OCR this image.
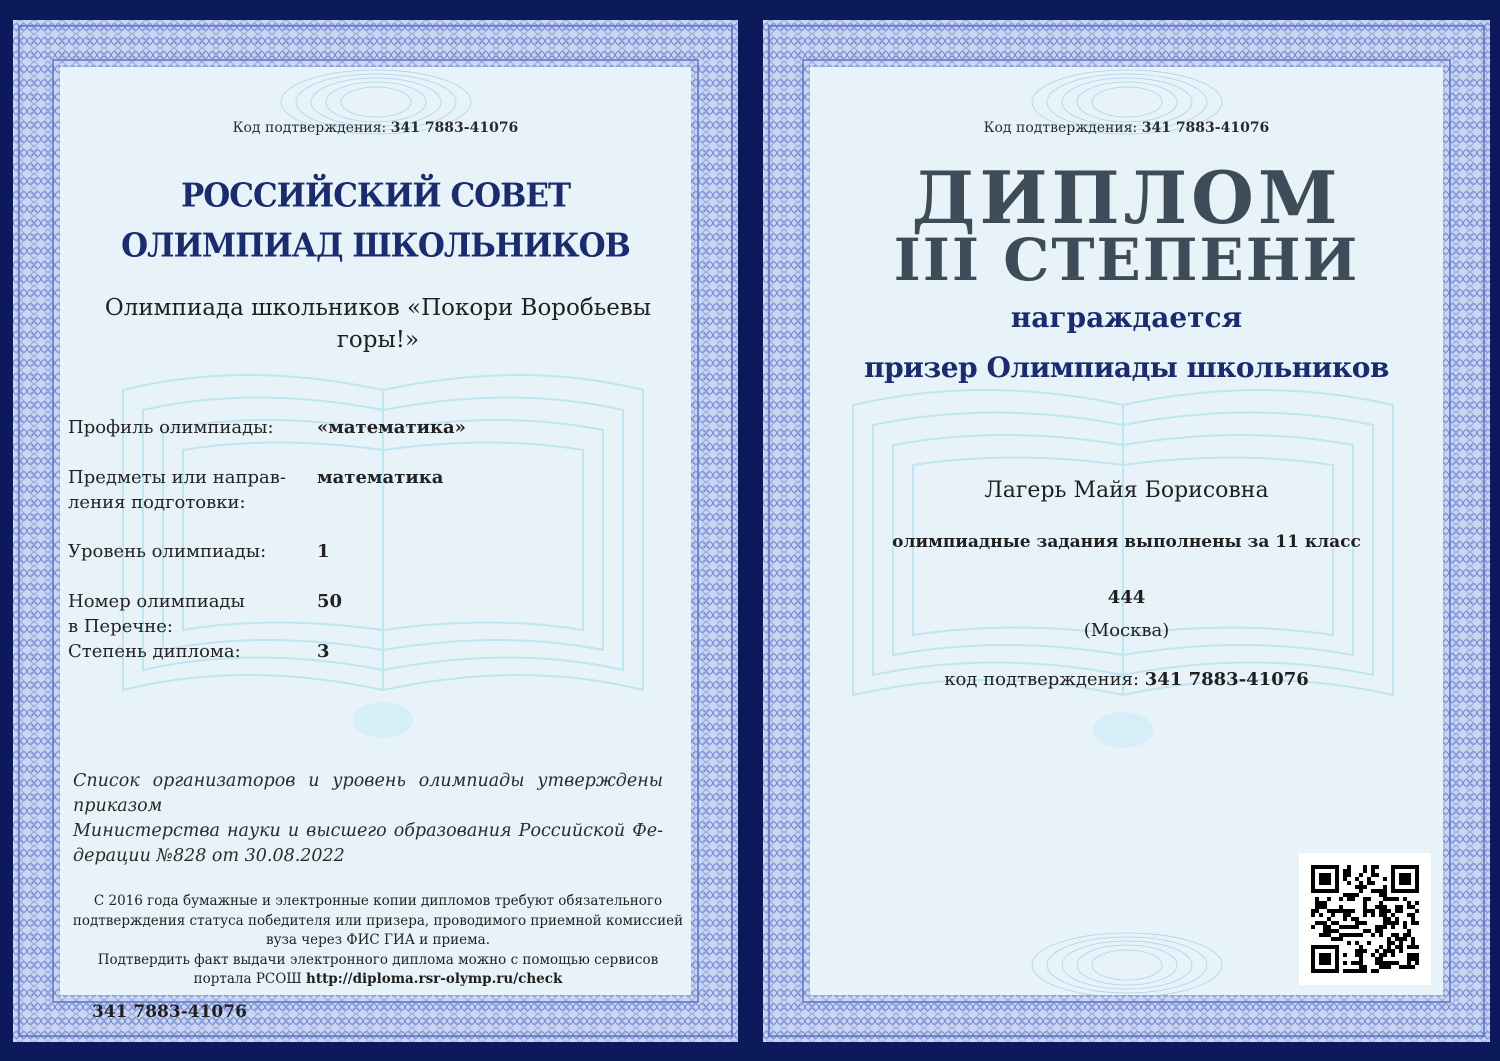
Код подтверждения: 341 7883-41076
РОССИЙСКИЙ СОВЕТ
ОЛИМПИАД ШКОЛЬНИКОВ
Олимпиада школьников «Покори Воробьевы
горы!»
Профиль олимпиады: «математика»
Предметы или направ-
ления подготовки:
математика
Уровень олимпиады:	1
Номер олимпиады
в Перечне:
50
Степень диплома:	3
Список организаторов и уровень олимпиады утверждены
приказом
Министерства науки и высшего образования Российской Фе-
дерации №828 от 30.08.2022
С 2016 года бумажные и электронные копии дипломов требуют обязательного
подтверждения статуса победителя или призера, проводимого приемной комиссией
вуза через ФИС ГИА и приема.
Подтвердить факт выдачи электронного диплома можно с помощью сервисов
портала РСОШ http://diploma.rsr-olymp.ru/check
341 7883-41076
Код подтверждения: 341 7883-41076
ДИПЛОМ
III СТЕПЕНИ
награждается
призер Олимпиады школьников
Лагерь Майя Борисовна
олимпиадные задания выполнены за 11 класс
444
(Москва)
код подтверждения: 341 7883-41076
